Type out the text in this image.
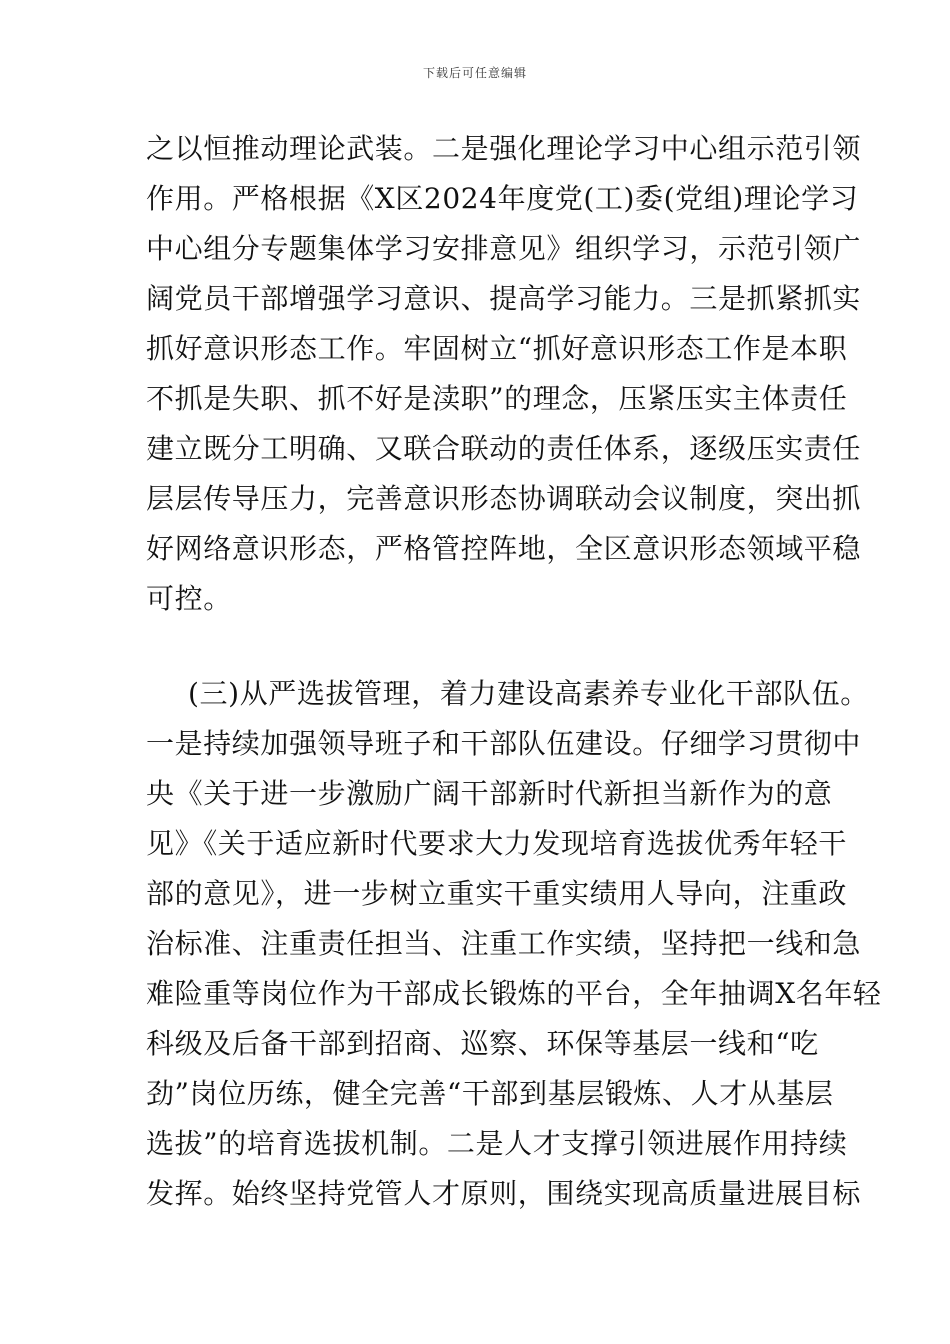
下载后可任意编辑
之以恒推动理论武装。二是强化理论学习中心组示范引领
作用。严格根据《X区2024年度党(工)委(党组)理论学习
中心组分专题集体学习安排意见》组织学习，示范引领广
阔党员干部增强学习意识、提高学习能力。三是抓紧抓实
抓好意识形态工作。牢固树立“抓好意识形态工作是本职
不抓是失职、抓不好是渎职”的理念，压紧压实主体责任
建立既分工明确、又联合联动的责任体系，逐级压实责任
层层传导压力，完善意识形态协调联动会议制度，突出抓
好网络意识形态，严格管控阵地，全区意识形态领域平稳
可控。
(三)从严选拔管理，着力建设高素养专业化干部队伍。
一是持续加强领导班子和干部队伍建设。仔细学习贯彻中
央《关于进一步激励广阔干部新时代新担当新作为的意
见》《关于适应新时代要求大力发现培育选拔优秀年轻干
部的意见》，进一步树立重实干重实绩用人导向，注重政
治标准、注重责任担当、注重工作实绩，坚持把一线和急
难险重等岗位作为干部成长锻炼的平台，全年抽调X名年轻
科级及后备干部到招商、巡察、环保等基层一线和“吃
劲”岗位历练，健全完善“干部到基层锻炼、人才从基层
选拔”的培育选拔机制。二是人才支撑引领进展作用持续
发挥。始终坚持党管人才原则，围绕实现高质量进展目标
